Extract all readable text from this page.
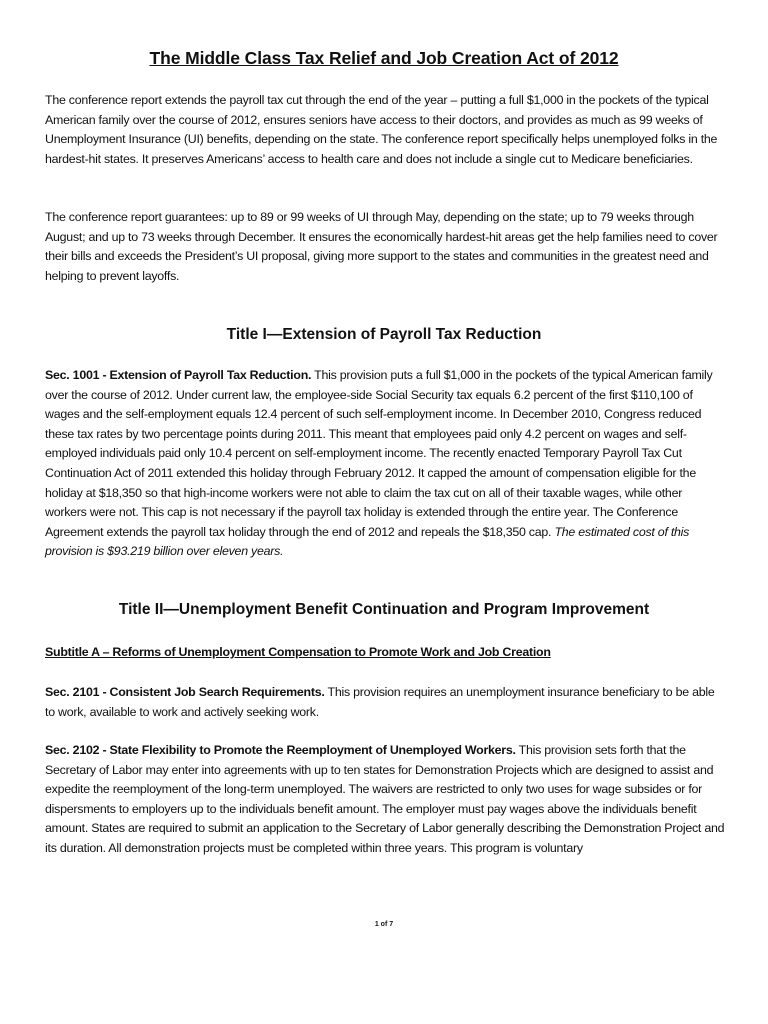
The Middle Class Tax Relief and Job Creation Act of 2012

The conference report extends the payroll tax cut through the end of the year – putting a full $1,000 in the pockets of the typical American family over the course of 2012, ensures seniors have access to their doctors, and provides as much as 99 weeks of Unemployment Insurance (UI) benefits, depending on the state. The conference report specifically helps unemployed folks in the hardest-hit states. It preserves Americans’ access to health care and does not include a single cut to Medicare beneficiaries.

The conference report guarantees: up to 89 or 99 weeks of UI through May, depending on the state; up to 79 weeks through August; and up to 73 weeks through December. It ensures the economically hardest-hit areas get the help families need to cover their bills and exceeds the President’s UI proposal, giving more support to the states and communities in the greatest need and helping to prevent layoffs.

Title I—Extension of Payroll Tax Reduction

Sec. 1001 - Extension of Payroll Tax Reduction. This provision puts a full $1,000 in the pockets of the typical American family over the course of 2012. Under current law, the employee-side Social Security tax equals 6.2 percent of the first $110,100 of wages and the self-employment equals 12.4 percent of such self-employment income. In December 2010, Congress reduced these tax rates by two percentage points during 2011. This meant that employees paid only 4.2 percent on wages and self-employed individuals paid only 10.4 percent on self-employment income. The recently enacted Temporary Payroll Tax Cut Continuation Act of 2011 extended this holiday through February 2012. It capped the amount of compensation eligible for the holiday at $18,350 so that high-income workers were not able to claim the tax cut on all of their taxable wages, while other workers were not. This cap is not necessary if the payroll tax holiday is extended through the entire year. The Conference Agreement extends the payroll tax holiday through the end of 2012 and repeals the $18,350 cap. The estimated cost of this provision is $93.219 billion over eleven years.

Title II—Unemployment Benefit Continuation and Program Improvement

Subtitle A – Reforms of Unemployment Compensation to Promote Work and Job Creation

Sec. 2101 - Consistent Job Search Requirements. This provision requires an unemployment insurance beneficiary to be able to work, available to work and actively seeking work.

Sec. 2102 - State Flexibility to Promote the Reemployment of Unemployed Workers. This provision sets forth that the Secretary of Labor may enter into agreements with up to ten states for Demonstration Projects which are designed to assist and expedite the reemployment of the long-term unemployed. The waivers are restricted to only two uses for wage subsides or for dispersments to employers up to the individuals benefit amount. The employer must pay wages above the individuals benefit amount. States are required to submit an application to the Secretary of Labor generally describing the Demonstration Project and its duration. All demonstration projects must be completed within three years. This program is voluntary

1 of 7
